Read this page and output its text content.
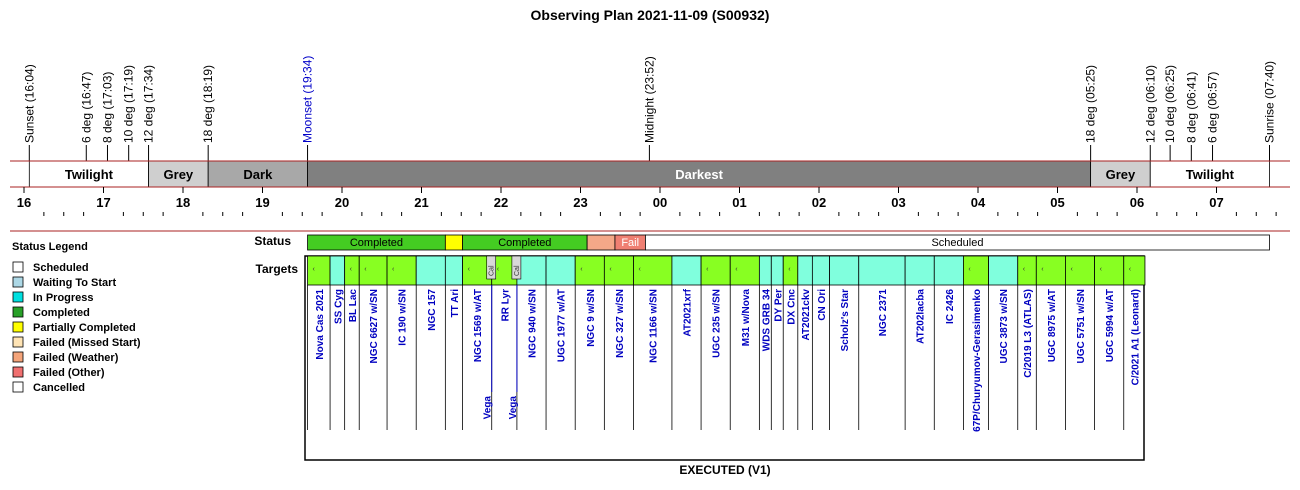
Observing Plan 2021-11-09 (S00932)
Sunset (16:04)	6 deg (16:47) 8 deg (17:03) 10 deg (17:19) 12 deg (17:34)	18 deg (18:19)	Moonset (19:34)	Midnight (23:52)	18 deg (05:25)	12 deg (06:10) 10 deg (06:25) 8 deg (06:41) 6 deg (06:57)	Sunrise (07:40)
Twilight	Grey	Dark	Darkest	Grey	Twilight
16	17	18	19	20	21	22	23	00	01	02	03	04	05	06	07
Status	Completed	Completed	Fail	Scheduled
Targets
EXECUTED (V1)
‹
Nova Cas 2021 SS Cyg
‹
BL Lac
‹
NGC 6627 w/SN
‹
IC 190 w/SN NGC 157 TT Ari
‹
NGC 1569 w/AT
‹
RR Lyr NGC 940 w/SN UGC 1977 w/AT
‹
NGC 9 w/SN
‹
NGC 327 w/SN
‹
NGC 1166 w/SN AT2021xrf
‹
UGC 235 w/SN
‹
M31 w/Nova WDS GRB 34 DY Per
‹
DX Cnc AT2021ckv CN Ori Scholz's Star	NGC 2371	AT202lacba IC 2426
‹
67P/Churyumov-Gerasimenko UGC 3873 w/SN
‹
C/2019 L3 (ATLAS)
‹
UGC 8975 w/AT
‹
UGC 5751 w/SN
‹
UGC 5994 w/AT
‹
C/2021 A1 (Leonard)
Cal
Vega
Cal
Vega
Status Legend
Scheduled
Waiting To Start
In Progress
Completed
Partially Completed
Failed (Missed Start)
Failed (Weather)
Failed (Other)
Cancelled
